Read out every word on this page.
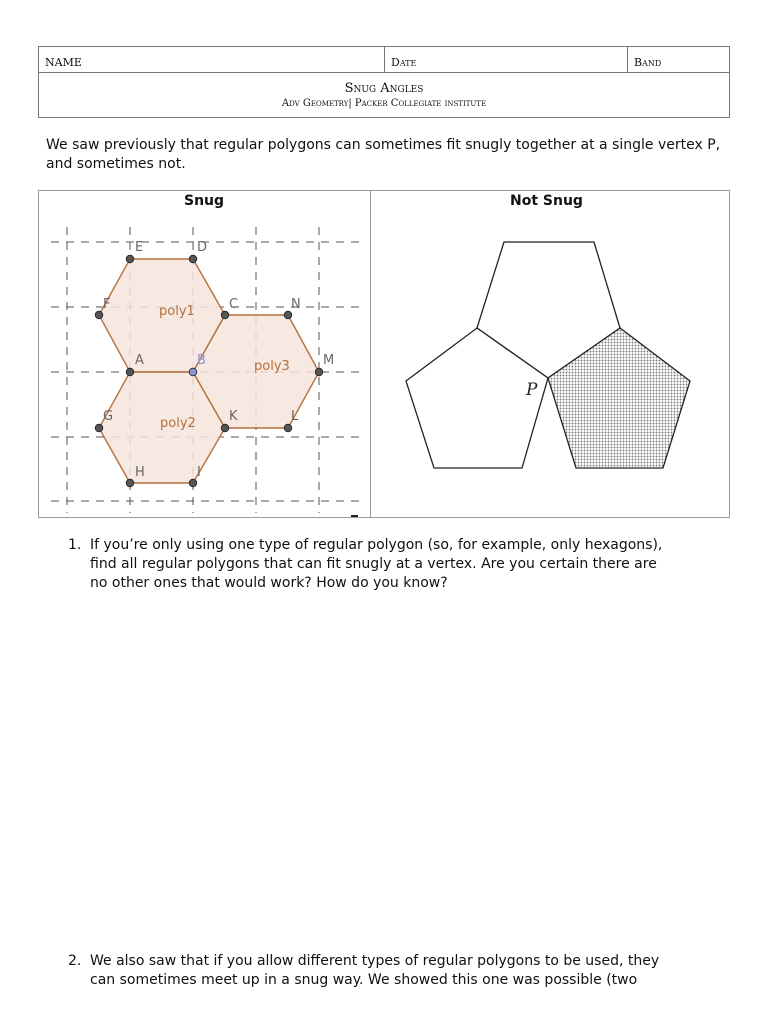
NAME	Date	Band
Snug Angles
Adv Geometry| Packer Collegiate institute
We saw previously that regular polygons can sometimes fit snugly together at a single vertex P, and sometimes not.
Snug	Not Snug
poly1
poly2
poly3
E	D
F	C	N
A	B	M
G	K	L
H	I
P
1. If you’re only using one type of regular polygon (so, for example, only hexagons),
find all regular polygons that can fit snugly at a vertex. Are you certain there are
no other ones that would work? How do you know?
2. We also saw that if you allow different types of regular polygons to be used, they
can sometimes meet up in a snug way. We showed this one was possible (two
